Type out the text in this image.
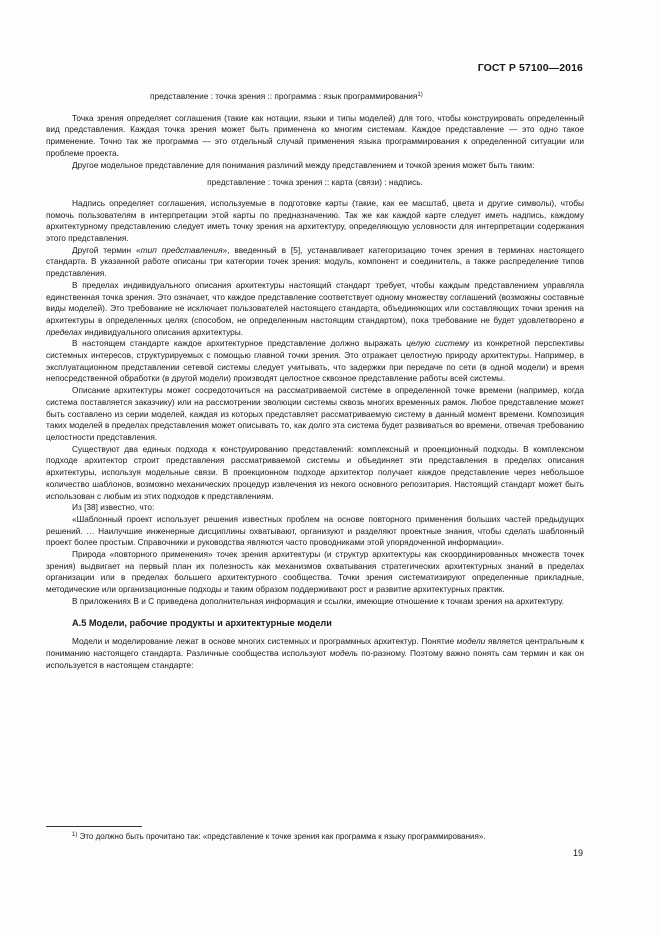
ГОСТ Р 57100—2016
представление : точка зрения :: программа : язык программирования$^{1)}$

Точка зрения определяет соглашения (такие как нотации, языки и типы моделей) для того, чтобы конструировать определенный вид представления. Каждая точка зрения может быть применена ко многим системам. Каждое представление — это одно такое применение. Точно так же программа — это отдельный случай применения языка программирования к определенной ситуации или проблеме проекта.

Другое модельное представление для понимания различий между представлением и точкой зрения может быть таким:

представление : точка зрения :: карта (связи) : надпись.

Надпись определяет соглашения, используемые в подготовке карты (такие, как ее масштаб, цвета и другие символы), чтобы помочь пользователям в интерпретации этой карты по предназначению. Так же как каждой карте следует иметь надпись, каждому архитектурному представлению следует иметь точку зрения на архитектуру, определяющую условности для интерпретации содержания этого представления.

Другой термин «тип представления», введенный в [5], устанавливает категоризацию точек зрения в терминах настоящего стандарта. В указанной работе описаны три категории точек зрения: модуль, компонент и соединитель, а также распределение типов представления.

В пределах индивидуального описания архитектуры настоящий стандарт требует, чтобы каждым представлением управляла единственная точка зрения. Это означает, что каждое представление соответствует одному множеству соглашений (возможны составные виды моделей). Это требование не исключает пользователей настоящего стандарта, объединяющих или составляющих точки зрения на архитектуры в определенных целях (способом, не определенным настоящим стандартом), пока требование не будет удовлетворено в пределах индивидуального описания архитектуры.

В настоящем стандарте каждое архитектурное представление должно выражать целую систему из конкретной перспективы системных интересов, структурируемых с помощью главной точки зрения. Это отражает целостную природу архитектуры. Например, в эксплуатационном представлении сетевой системы следует учитывать, что задержки при передаче по сети (в одной модели) и время непосредственной обработки (в другой модели) производят целостное сквозное представление работы всей системы.

Описание архитектуры может сосредоточиться на рассматриваемой системе в определенной точке времени (например, когда система поставляется заказчику) или на рассмотрении эволюции системы сквозь многих временных рамок. Любое представление может быть составлено из серии моделей, каждая из которых представляет рассматриваемую систему в данный момент времени. Композиция таких моделей в пределах представления может описывать то, как долго эта система будет развиваться во времени, отвечая требованию целостности представления.

Существуют два единых подхода к конструированию представлений: комплексный и проекционный подходы. В комплексном подходе архитектор строит представления рассматриваемой системы и объединяет эти представления в пределах описания архитектуры, используя модельные связи. В проекционном подходе архитектор получает каждое представление через небольшое количество шаблонов, возможно механических процедур извлечения из некого основного репозитария. Настоящий стандарт может быть использован с любым из этих подходов к представлениям.

Из [38] известно, что:

«Шаблонный проект использует решения известных проблем на основе повторного применения больших частей предыдущих решений. … Наилучшие инженерные дисциплины охватывают, организуют и разделяют проектные знания, чтобы сделать шаблонный проект более простым. Справочники и руководства являются часто проводниками этой упорядоченной информации».

Природа «повторного применения» точек зрения архитектуры (и структур архитектуры как скоординированных множеств точек зрения) выдвигает на первый план их полезность как механизмов охватывания стратегических архитектурных знаний в пределах организации или в пределах большего архитектурного сообщества. Точки зрения систематизируют определенные прикладные, методические или организационные подходы и таким образом поддерживают рост и развитие архитектурных практик.

В приложениях В и С приведена дополнительная информация и ссылки, имеющие отношение к точкам зрения на архитектуру.

А.5 Модели, рабочие продукты и архитектурные модели

Модели и моделирование лежат в основе многих системных и программных архитектур. Понятие модели является центральным к пониманию настоящего стандарта. Различные сообщества используют модель по-разному. Поэтому важно понять сам термин и как он используется в настоящем стандарте:

$^{1)}$ Это должно быть прочитано так: «представление к точке зрения как программа к языку программирования».
19
